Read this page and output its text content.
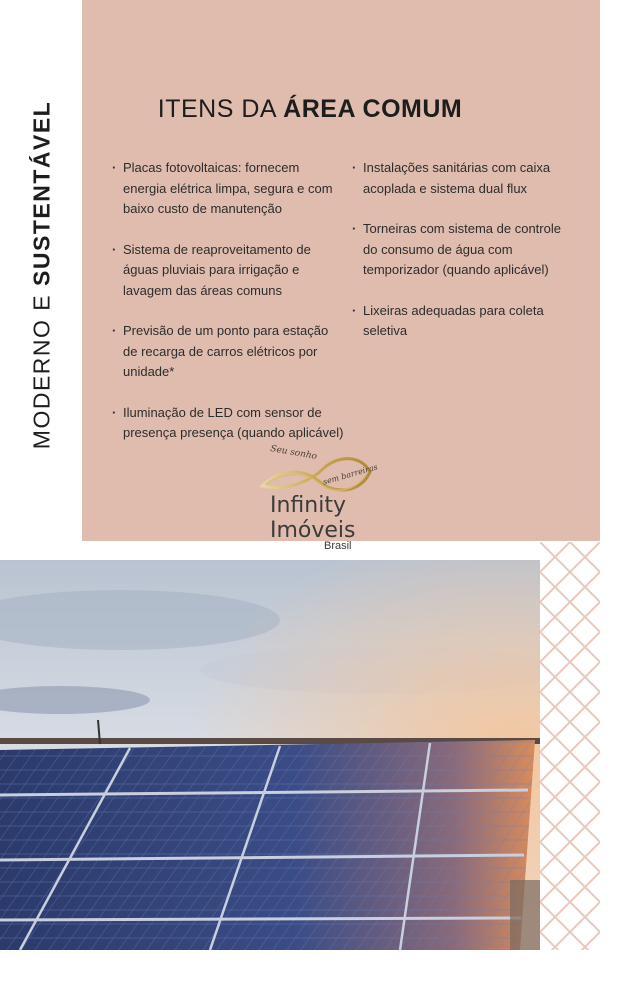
MODERNO E SUSTENTÁVEL	ITENS DA ÁREA COMUM
· Placas fotovoltaicas: fornecem energia elétrica limpa, segura e com baixo custo de manutenção
· Sistema de reaproveitamento de águas pluviais para irrigação e lavagem das áreas comuns
· Previsão de um ponto para estação de recarga de carros elétricos por unidade*
· Iluminação de LED com sensor de presença presença (quando aplicável)
· Instalações sanitárias com caixa acoplada e sistema dual flux
· Torneiras com sistema de controle do consumo de água com temporizador (quando aplicável)
· Lixeiras adequadas para coleta seletiva
Seu sonho
sem barreiras
Infinity
Imóveis
Brasil
